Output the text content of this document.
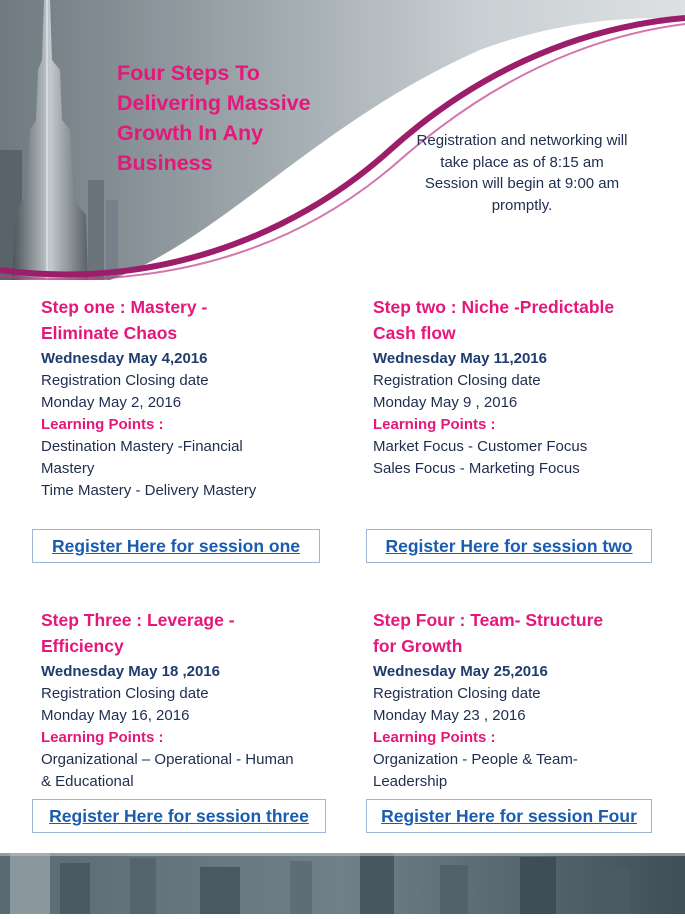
Four Steps To
Delivering Massive
Growth In Any
Business
Registration and networking will
take place as of 8:15 am
Session will begin at 9:00 am
promptly.
Step one : Mastery -
Eliminate Chaos
Wednesday May 4,2016
Registration Closing date
Monday May 2, 2016
Learning Points :
Destination Mastery -Financial
Mastery
Time Mastery - Delivery Mastery
Step two : Niche -Predictable
Cash flow
Wednesday May 11,2016
Registration Closing date
Monday May 9 , 2016
Learning Points :
Market Focus - Customer Focus
Sales Focus - Marketing Focus
Register Here for session one	Register Here for session two
Step Three : Leverage -
Efficiency
Wednesday May 18 ,2016
Registration Closing date
Monday May 16, 2016
Learning Points :
Organizational – Operational - Human
& Educational
Step Four : Team- Structure
for Growth
Wednesday May 25,2016
Registration Closing date
Monday May 23 , 2016
Learning Points :
Organization - People & Team-
Leadership
Register Here for session three	Register Here for session Four
